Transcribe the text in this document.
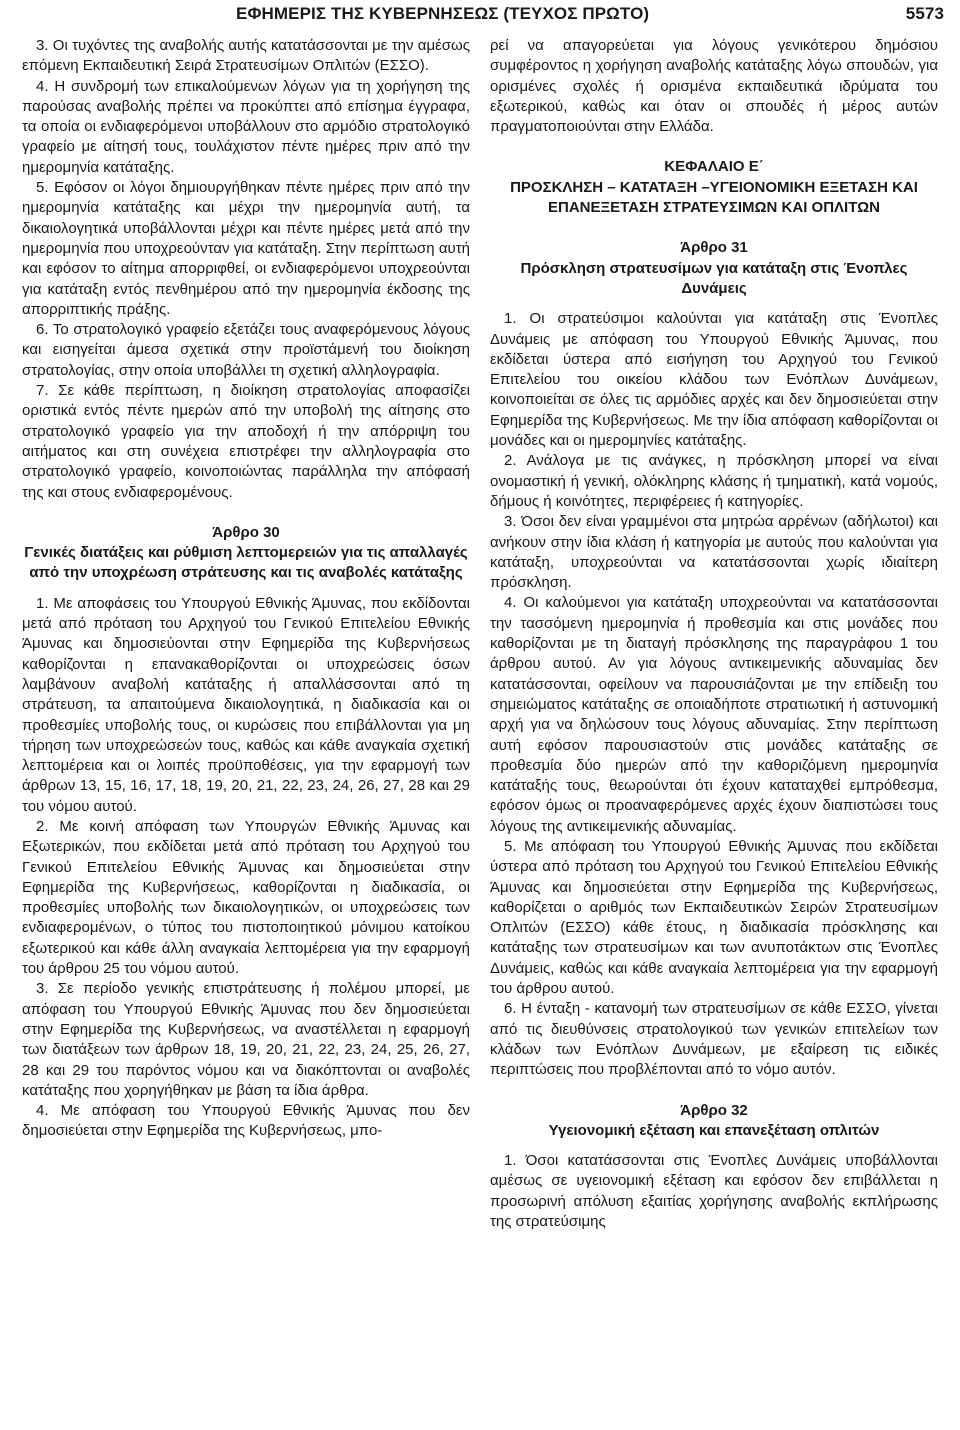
ΕΦΗΜΕΡΙΣ ΤΗΣ ΚΥΒΕΡΝΗΣΕΩΣ (ΤΕΥΧΟΣ ΠΡΩΤΟ)	5573

3. Οι τυχόντες της αναβολής αυτής κατατάσσονται με την αμέσως επόμενη Εκπαιδευτική Σειρά Στρατευσίμων Οπλιτών (ΕΣΣΟ).

4. Η συνδρομή των επικαλούμενων λόγων για τη χορήγηση της παρούσας αναβολής πρέπει να προκύπτει από επίσημα έγγραφα, τα οποία οι ενδιαφερόμενοι υποβάλλουν στο αρμόδιο στρατολογικό γραφείο με αίτησή τους, τουλάχιστον πέντε ημέρες πριν από την ημερομηνία κατάταξης.

5. Εφόσον οι λόγοι δημιουργήθηκαν πέντε ημέρες πριν από την ημερομηνία κατάταξης και μέχρι την ημερομηνία αυτή, τα δικαιολογητικά υποβάλλονται μέχρι και πέντε ημέρες μετά από την ημερομηνία που υποχρεούνταν για κατάταξη. Στην περίπτωση αυτή και εφόσον το αίτημα απορριφθεί, οι ενδιαφερόμενοι υποχρεούνται για κατάταξη εντός πενθημέρου από την ημερομηνία έκδοσης της απορριπτικής πράξης.

6. Το στρατολογικό γραφείο εξετάζει τους αναφερόμενους λόγους και εισηγείται άμεσα σχετικά στην προϊστάμενή του διοίκηση στρατολογίας, στην οποία υποβάλλει τη σχετική αλληλογραφία.

7. Σε κάθε περίπτωση, η διοίκηση στρατολογίας αποφασίζει οριστικά εντός πέντε ημερών από την υποβολή της αίτησης στο στρατολογικό γραφείο για την αποδοχή ή την απόρριψη του αιτήματος και στη συνέχεια επιστρέφει την αλληλογραφία στο στρατολογικό γραφείο, κοινοποιώντας παράλληλα την απόφασή της και στους ενδιαφερομένους.

Άρθρο 30

Γενικές διατάξεις και ρύθμιση λεπτομερειών για τις απαλλαγές από την υποχρέωση στράτευσης και τις αναβολές κατάταξης

1. Με αποφάσεις του Υπουργού Εθνικής Άμυνας, που εκδίδονται μετά από πρόταση του Αρχηγού του Γενικού Επιτελείου Εθνικής Άμυνας και δημοσιεύονται στην Εφημερίδα της Κυβερνήσεως καθορίζονται η επανακαθορίζονται οι υποχρεώσεις όσων λαμβάνουν αναβολή κατάταξης ή απαλλάσσονται από τη στράτευση, τα απαιτούμενα δικαιολογητικά, η διαδικασία και οι προθεσμίες υποβολής τους, οι κυρώσεις που επιβάλλονται για μη τήρηση των υποχρεώσεών τους, καθώς και κάθε αναγκαία σχετική λεπτομέρεια και οι λοιπές προϋποθέσεις, για την εφαρμογή των άρθρων 13, 15, 16, 17, 18, 19, 20, 21, 22, 23, 24, 26, 27, 28 και 29 του νόμου αυτού.

2. Με κοινή απόφαση των Υπουργών Εθνικής Άμυνας και Εξωτερικών, που εκδίδεται μετά από πρόταση του Αρχηγού του Γενικού Επιτελείου Εθνικής Άμυνας και δημοσιεύεται στην Εφημερίδα της Κυβερνήσεως, καθορίζονται η διαδικασία, οι προθεσμίες υποβολής των δικαιολογητικών, οι υποχρεώσεις των ενδιαφερομένων, ο τύπος του πιστοποιητικού μόνιμου κατοίκου εξωτερικού και κάθε άλλη αναγκαία λεπτομέρεια για την εφαρμογή του άρθρου 25 του νόμου αυτού.

3. Σε περίοδο γενικής επιστράτευσης ή πολέμου μπορεί, με απόφαση του Υπουργού Εθνικής Άμυνας που δεν δημοσιεύεται στην Εφημερίδα της Κυβερνήσεως, να αναστέλλεται η εφαρμογή των διατάξεων των άρθρων 18, 19, 20, 21, 22, 23, 24, 25, 26, 27, 28 και 29 του παρόντος νόμου και να διακόπτονται οι αναβολές κατάταξης που χορηγήθηκαν με βάση τα ίδια άρθρα.

4. Με απόφαση του Υπουργού Εθνικής Άμυνας που δεν δημοσιεύεται στην Εφημερίδα της Κυβερνήσεως, μπο-

ρεί να απαγορεύεται για λόγους γενικότερου δημόσιου συμφέροντος η χορήγηση αναβολής κατάταξης λόγω σπουδών, για ορισμένες σχολές ή ορισμένα εκπαιδευτικά ιδρύματα του εξωτερικού, καθώς και όταν οι σπουδές ή μέρος αυτών πραγματοποιούνται στην Ελλάδα.

ΚΕΦΑΛΑΙΟ Ε΄

ΠΡΟΣΚΛΗΣΗ – ΚΑΤΑΤΑΞΗ –ΥΓΕΙΟΝΟΜΙΚΗ ΕΞΕΤΑΣΗ ΚΑΙ ΕΠΑΝΕΞΕΤΑΣΗ ΣΤΡΑΤΕΥΣΙΜΩΝ ΚΑΙ ΟΠΛΙΤΩΝ

Άρθρο 31

Πρόσκληση στρατευσίμων για κατάταξη στις Ένοπλες Δυνάμεις

1. Οι στρατεύσιμοι καλούνται για κατάταξη στις Ένοπλες Δυνάμεις με απόφαση του Υπουργού Εθνικής Άμυνας, που εκδίδεται ύστερα από εισήγηση του Αρχηγού του Γενικού Επιτελείου του οικείου κλάδου των Ενόπλων Δυνάμεων, κοινοποιείται σε όλες τις αρμόδιες αρχές και δεν δημοσιεύεται στην Εφημερίδα της Κυβερνήσεως. Με την ίδια απόφαση καθορίζονται οι μονάδες και οι ημερομηνίες κατάταξης.

2. Ανάλογα με τις ανάγκες, η πρόσκληση μπορεί να είναι ονομαστική ή γενική, ολόκληρης κλάσης ή τμηματική, κατά νομούς, δήμους ή κοινότητες, περιφέρειες ή κατηγορίες.

3. Όσοι δεν είναι γραμμένοι στα μητρώα αρρένων (αδήλωτοι) και ανήκουν στην ίδια κλάση ή κατηγορία με αυτούς που καλούνται για κατάταξη, υποχρεούνται να κατατάσσονται χωρίς ιδιαίτερη πρόσκληση.

4. Οι καλούμενοι για κατάταξη υποχρεούνται να κατατάσσονται την τασσόμενη ημερομηνία ή προθεσμία και στις μονάδες που καθορίζονται με τη διαταγή πρόσκλησης της παραγράφου 1 του άρθρου αυτού. Αν για λόγους αντικειμενικής αδυναμίας δεν κατατάσσονται, οφείλουν να παρουσιάζονται με την επίδειξη του σημειώματος κατάταξης σε οποιαδήποτε στρατιωτική ή αστυνομική αρχή για να δηλώσουν τους λόγους αδυναμίας. Στην περίπτωση αυτή εφόσον παρουσιαστούν στις μονάδες κατάταξης σε προθεσμία δύο ημερών από την καθοριζόμενη ημερομηνία κατάταξής τους, θεωρούνται ότι έχουν καταταχθεί εμπρόθεσμα, εφόσον όμως οι προαναφερόμενες αρχές έχουν διαπιστώσει τους λόγους της αντικειμενικής αδυναμίας.

5. Με απόφαση του Υπουργού Εθνικής Άμυνας που εκδίδεται ύστερα από πρόταση του Αρχηγού του Γενικού Επιτελείου Εθνικής Άμυνας και δημοσιεύεται στην Εφημερίδα της Κυβερνήσεως, καθορίζεται ο αριθμός των Εκπαιδευτικών Σειρών Στρατευσίμων Οπλιτών (ΕΣΣΟ) κάθε έτους, η διαδικασία πρόσκλησης και κατάταξης των στρατευσίμων και των ανυποτάκτων στις Ένοπλες Δυνάμεις, καθώς και κάθε αναγκαία λεπτομέρεια για την εφαρμογή του άρθρου αυτού.

6. Η ένταξη - κατανομή των στρατευσίμων σε κάθε ΕΣΣΟ, γίνεται από τις διευθύνσεις στρατολογικού των γενικών επιτελείων των κλάδων των Ενόπλων Δυνάμεων, με εξαίρεση τις ειδικές περιπτώσεις που προβλέπονται από το νόμο αυτόν.

Άρθρο 32

Υγειονομική εξέταση και επανεξέταση οπλιτών

1. Όσοι κατατάσσονται στις Ένοπλες Δυνάμεις υποβάλλονται αμέσως σε υγειονομική εξέταση και εφόσον δεν επιβάλλεται η προσωρινή απόλυση εξαιτίας χορήγησης αναβολής εκπλήρωσης της στρατεύσιμης
